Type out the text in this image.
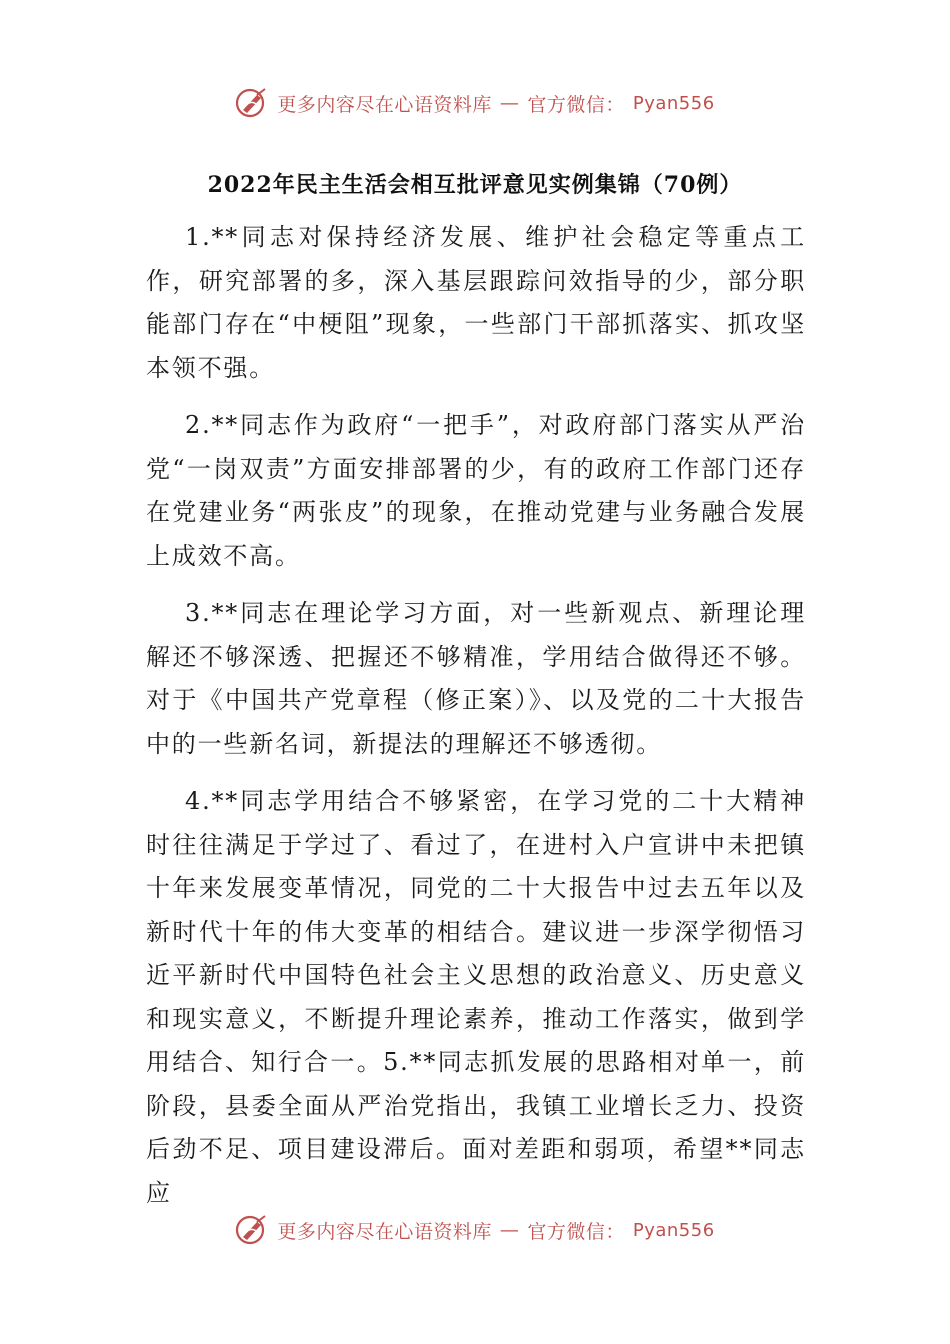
更多内容尽在心语资料库 — 官方微信： Pyan556
2022年民主生活会相互批评意见实例集锦（70例）

1.**同志对保持经济发展、维护社会稳定等重点工作，研究部署的多，深入基层跟踪问效指导的少，部分职能部门存在“中梗阻”现象，一些部门干部抓落实、抓攻坚本领不强。

2.**同志作为政府“一把手”，对政府部门落实从严治党“一岗双责”方面安排部署的少，有的政府工作部门还存在党建业务“两张皮”的现象，在推动党建与业务融合发展上成效不高。

3.**同志在理论学习方面，对一些新观点、新理论理解还不够深透、把握还不够精准，学用结合做得还不够。对于《中国共产党章程（修正案）》、以及党的二十大报告中的一些新名词，新提法的理解还不够透彻。

4.**同志学用结合不够紧密，在学习党的二十大精神时往往满足于学过了、看过了，在进村入户宣讲中未把镇十年来发展变革情况，同党的二十大报告中过去五年以及新时代十年的伟大变革的相结合。建议进一步深学彻悟习近平新时代中国特色社会主义思想的政治意义、历史意义和现实意义，不断提升理论素养，推动工作落实，做到学用结合、知行合一。5.**同志抓发展的思路相对单一，前阶段，县委全面从严治党指出，我镇工业增长乏力、投资后劲不足、项目建设滞后。面对差距和弱项，希望**同志应

更多内容尽在心语资料库 — 官方微信： Pyan556
